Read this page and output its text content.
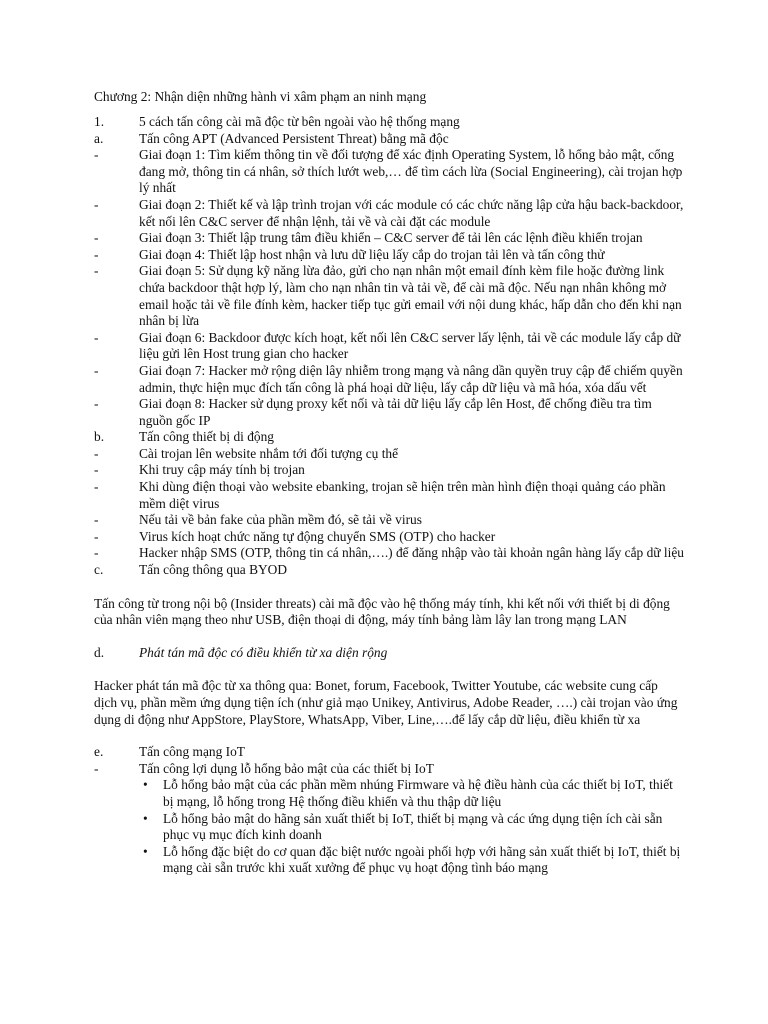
Chương 2: Nhận diện những hành vi xâm phạm an ninh mạng
1.	5 cách tấn công cài mã độc từ bên ngoài vào hệ thống mạng
a.	Tấn công APT (Advanced Persistent Threat) bằng mã độc
-	Giai đoạn 1: Tìm kiếm thông tin về đối tượng để xác định Operating System, lỗ hổng bảo mật, cổng đang mở, thông tin cá nhân, sở thích lướt web,… để tìm cách lừa (Social Engineering), cài trojan hợp lý nhất
-	Giai đoạn 2: Thiết kế và lập trình trojan với các module có các chức năng lập cửa hậu back-backdoor, kết nối lên C&C server để nhận lệnh, tải về và cài đặt các module
-	Giai đoạn 3: Thiết lập trung tâm điều khiển – C&C server để tải lên các lệnh điều khiển trojan
-	Giai đoạn 4: Thiết lập host nhận và lưu dữ liệu lấy cắp do trojan tải lên và tấn công thử
-	Giai đoạn 5: Sử dụng kỹ năng lừa đảo, gửi cho nạn nhân một email đính kèm file hoặc đường link chứa backdoor thật hợp lý, làm cho nạn nhân tin và tải về, để cài mã độc. Nếu nạn nhân không mở email hoặc tải về file đính kèm, hacker tiếp tục gửi email với nội dung khác, hấp dẫn cho đến khi nạn nhân bị lừa
-	Giai đoạn 6: Backdoor được kích hoạt, kết nối lên C&C server lấy lệnh, tải về các module lấy cắp dữ liệu gửi lên Host trung gian cho hacker
-	Giai đoạn 7: Hacker mở rộng diện lây nhiễm trong mạng và nâng dần quyền truy cập để chiếm quyền admin, thực hiện mục đích tấn công là phá hoại dữ liệu, lấy cắp dữ liệu và mã hóa, xóa dấu vết
-	Giai đoạn 8: Hacker sử dụng proxy kết nối và tải dữ liệu lấy cắp lên Host, để chống điều tra tìm nguồn gốc IP
b.	Tấn công thiết bị di động
-	Cài trojan lên website nhắm tới đối tượng cụ thể
-	Khi truy cập máy tính bị trojan
-	Khi dùng điện thoại vào website ebanking, trojan sẽ hiện trên màn hình điện thoại quảng cáo phần mềm diệt virus
-	Nếu tải về bản fake của phần mềm đó, sẽ tải về virus
-	Virus kích hoạt chức năng tự động chuyển SMS (OTP) cho hacker
-	Hacker nhập SMS (OTP, thông tin cá nhân,….) để đăng nhập vào tài khoản ngân hàng lấy cắp dữ liệu
c.	Tấn công thông qua BYOD
Tấn công từ trong nội bộ (Insider threats) cài mã độc vào hệ thống máy tính, khi kết nối với thiết bị di động của nhân viên mạng theo như USB, điện thoại di động, máy tính bảng làm lây lan trong mạng LAN
d.	Phát tán mã độc có điều khiển từ xa diện rộng
Hacker phát tán mã độc từ xa thông qua: Bonet, forum, Facebook, Twitter Youtube, các website cung cấp dịch vụ, phần mềm ứng dụng tiện ích (như giả mạo Unikey, Antivirus, Adobe Reader, ….) cài trojan vào ứng dụng di động như AppStore, PlayStore, WhatsApp, Viber, Line,….để lấy cắp dữ liệu, điều khiển từ xa
e.	Tấn công mạng IoT
-	Tấn công lợi dụng lỗ hổng bảo mật của các thiết bị IoT
•	Lỗ hổng bảo mật của các phần mềm nhúng Firmware và hệ điều hành của các thiết bị IoT, thiết bị mạng, lỗ hổng trong Hệ thống điều khiển và thu thập dữ liệu
•	Lỗ hổng bảo mật do hãng sản xuất thiết bị IoT, thiết bị mạng và các ứng dụng tiện ích cài sẵn phục vụ mục đích kinh doanh
•	Lỗ hổng đặc biệt do cơ quan đặc biệt nước ngoài phối hợp với hãng sản xuất thiết bị IoT, thiết bị mạng cài sẵn trước khi xuất xưởng để phục vụ hoạt động tình báo mạng
